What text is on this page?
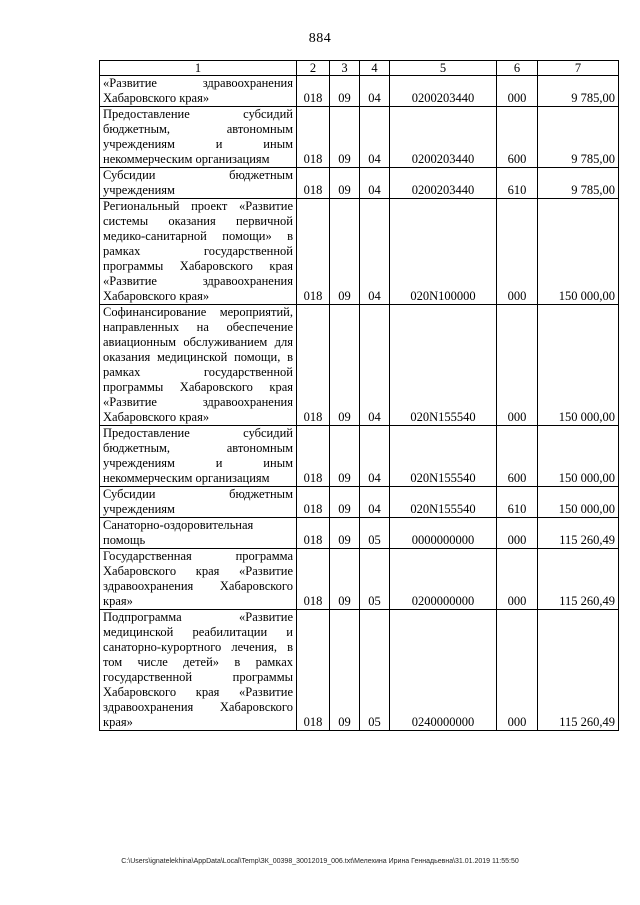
884
1	2	3	4	5	6	7
«Развитие здравоохранения Хабаровского края»	018	09	04	0200203440	000	9 785,00
Предоставление субсидий бюджетным, автономным учреждениям и иным некоммерческим организациям	018	09	04	0200203440	600	9 785,00
Субсидии бюджетным учреждениям	018	09	04	0200203440	610	9 785,00
Региональный проект «Развитие системы оказания первичной медико-санитарной помощи» в рамках государственной программы Хабаровского края «Развитие здравоохранения Хабаровского края»	018	09	04	020N100000	000	150 000,00
Софинансирование мероприятий, направленных на обеспечение авиационным обслуживанием для оказания медицинской помощи, в рамках государственной программы Хабаровского края «Развитие здравоохранения Хабаровского края»	018	09	04	020N155540	000	150 000,00
Предоставление субсидий бюджетным, автономным учреждениям и иным некоммерческим организациям	018	09	04	020N155540	600	150 000,00
Субсидии бюджетным учреждениям	018	09	04	020N155540	610	150 000,00
Санаторно-оздоровительная помощь	018	09	05	0000000000	000	115 260,49
Государственная программа Хабаровского края «Развитие здравоохранения Хабаровского края»	018	09	05	0200000000	000	115 260,49
Подпрограмма «Развитие медицинской реабилитации и санаторно-курортного лечения, в том числе детей» в рамках государственной программы Хабаровского края «Развитие здравоохранения Хабаровского края»	018	09	05	0240000000	000	115 260,49
C:\Users\ignatelekhina\AppData\Local\Temp\ЗК_00398_30012019_006.txt\Мелехина Ирина Геннадьевна\31.01.2019 11:55:50
